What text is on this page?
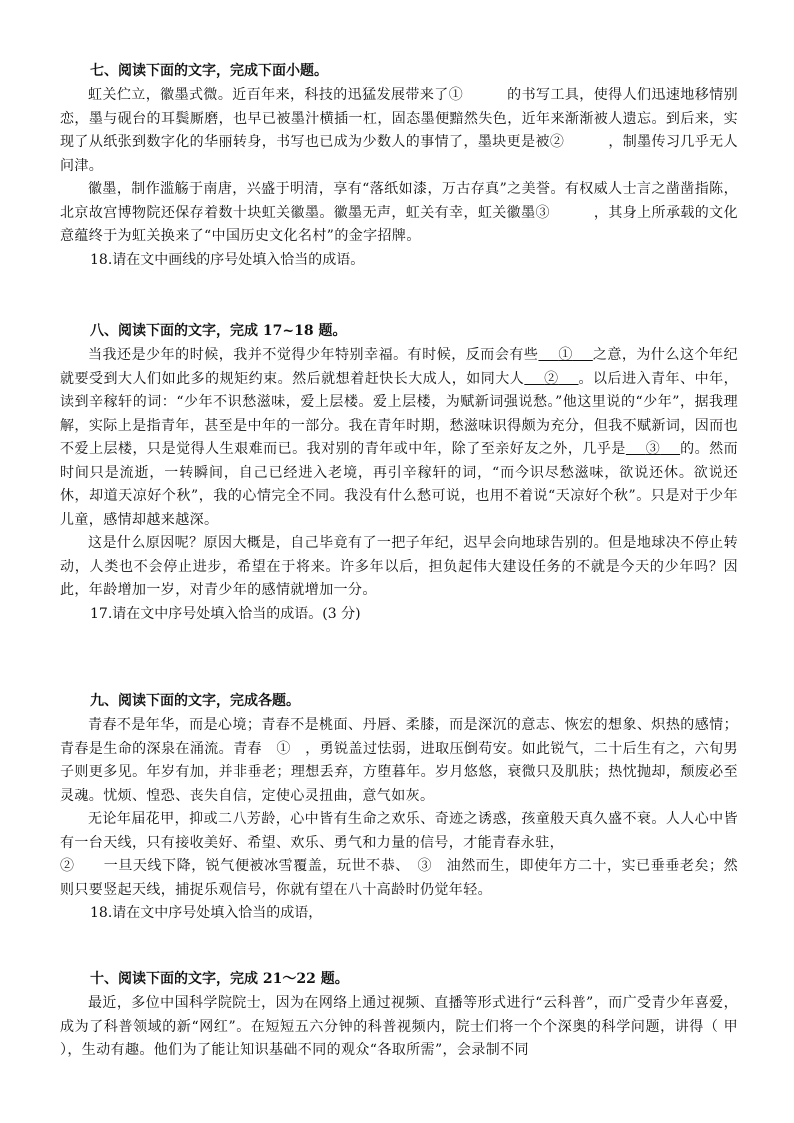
七、阅读下面的文字，完成下面小题。

虹关伫立，徽墨式微。近百年来，科技的迅猛发展带来了①	的书写工具，使得人们迅速地移情别恋，墨与砚台的耳鬓厮磨，也早已被墨汁横插一杠，固态墨便黯然失色，近年来渐渐被人遗忘。到后来，实现了从纸张到数字化的华丽转身，书写也已成为少数人的事情了，墨块更是被②	，制墨传习几乎无人问津。

徽墨，制作滥觞于南唐，兴盛于明清，享有“落纸如漆，万古存真”之美誉。有权威人士言之凿凿指陈，北京故宫博物院还保存着数十块虹关徽墨。徽墨无声，虹关有幸，虹关徽墨③	，其身上所承载的文化意蕴终于为虹关换来了“中国历史文化名村”的金字招牌。

18.请在文中画线的序号处填入恰当的成语。

八、阅读下面的文字，完成 17~18 题。

当我还是少年的时候，我并不觉得少年特别幸福。有时候，反而会有些 ① 之意，为什么这个年纪就要受到大人们如此多的规矩约束。然后就想着赶快长大成人，如同大人 ② 。以后进入青年、中年，读到辛稼轩的词：“少年不识愁滋味，爱上层楼。爱上层楼，为赋新词强说愁。”他这里说的“少年”，据我理解，实际上是指青年，甚至是中年的一部分。我在青年时期，愁滋味识得颇为充分，但我不赋新词，因而也不爱上层楼，只是觉得人生艰难而已。我对别的青年或中年，除了至亲好友之外，几乎是 ③ 的。然而时间只是流逝，一转瞬间，自己已经进入老境，再引辛稼轩的词，“而今识尽愁滋味，欲说还休。欲说还休，却道天凉好个秋”，我的心情完全不同。我没有什么愁可说，也用不着说“天凉好个秋”。只是对于少年儿童，感情却越来越深。

这是什么原因呢？原因大概是，自己毕竟有了一把子年纪，迟早会向地球告别的。但是地球决不停止转动，人类也不会停止进步，希望在于将来。许多年以后，担负起伟大建设任务的不就是今天的少年吗？因此，年龄增加一岁，对青少年的感情就增加一分。

17.请在文中序号处填入恰当的成语。(3 分)

九、阅读下面的文字，完成各题。

青春不是年华，而是心境；青春不是桃面、丹唇、柔膝，而是深沉的意志、恢宏的想象、炽热的感情；青春是生命的深泉在涌流。青春　①　，勇锐盖过怯弱，进取压倒苟安。如此锐气，二十后生有之，六旬男子则更多见。年岁有加，并非垂老；理想丢弃，方堕暮年。岁月悠悠，衰微只及肌肤；热忱抛却，颓废必至灵魂。忧烦、惶恐、丧失自信，定使心灵扭曲，意气如灰。

无论年届花甲，抑或二八芳龄，心中皆有生命之欢乐、奇迹之诱惑，孩童般天真久盛不衰。人人心中皆有一台天线，只有接收美好、希望、欢乐、勇气和力量的信号，才能青春永驻，

②　　一旦天线下降，锐气便被冰雪覆盖，玩世不恭、　③　油然而生，即使年方二十，实已垂垂老矣；然则只要竖起天线，捕捉乐观信号，你就有望在八十高龄时仍觉年轻。

18.请在文中序号处填入恰当的成语，

十、阅读下面的文字，完成 21～22 题。

最近，多位中国科学院院士，因为在网络上通过视频、直播等形式进行“云科普”，而广受青少年喜爱，成为了科普领域的新“网红”。在短短五六分钟的科普视频内，院士们将一个个深奥的科学问题，讲得（ 甲 ），生动有趣。他们为了能让知识基础不同的观众“各取所需”，会录制不同
